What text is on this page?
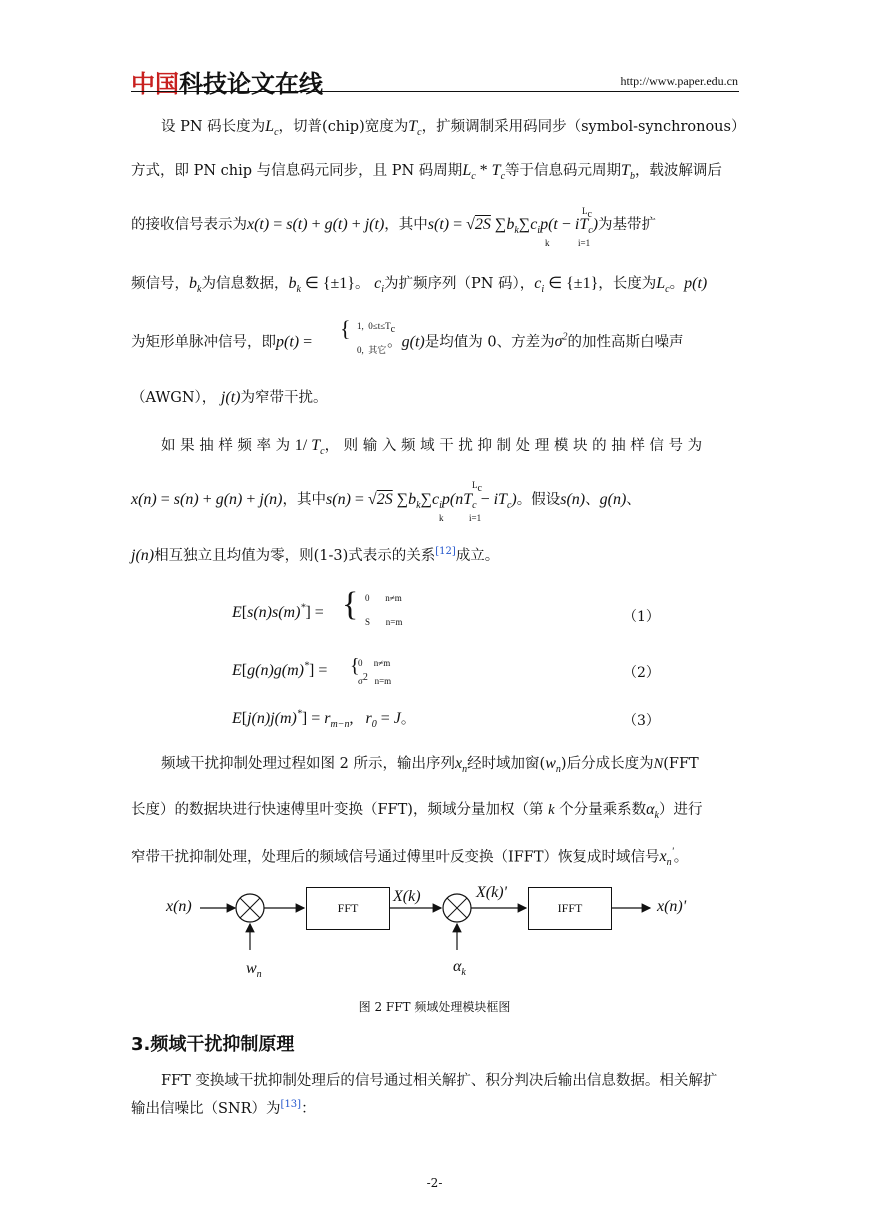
中国科技论文在线	http://www.paper.edu.cn
设 PN 码长度为$L_c$，切普(chip)宽度为$T_c$，扩频调制采用码同步（symbol-synchronous）
方式，即 PN chip 与信息码元同步，且 PN 码周期$L_c * T_c$等于信息码元周期$T_b$，载波解调后
的接收信号表示为x(t) = s(t) + g(t) + j(t)，其中s(t) = √2S $\sum b_k\sum c_ip(t - iT_c)$为基带扩
$L_c$
k	i=1
频信号，$b_k$为信息数据，$b_k$ ∈ {±1}。 $c_i$为扩频序列（PN 码），$c_i$ ∈ {±1}，长度为$L_c$。p(t)
为矩形单脉冲信号，即p(t) =	。g(t)是均值为 0、方差为$\sigma^2$的加性高斯白噪声
{ 1,  $0\le t\le T_c$
0,  其它
（AWGN）， j(t)为窄带干扰。
如 果 抽 样 频 率 为 1/ $T_c$， 则 输 入 频 域 干 扰 抑 制 处 理 模 块 的 抽 样 信 号 为
x(n) = s(n) + g(n) + j(n)，其中s(n) = √2S $\sum b_k\sum c_ip(nT_c - iT_c)$。假设s(n)、g(n)、
$L_c$
k	i=1
j(n)相互独立且均值为零，则(1-3)式表示的关系[12]成立。
E[s(n)s(m)*] = { 0       n≠m
S       n=m	（1）
E[g(n)g(m)*] = {
0     n≠m
$\sigma^2$   n=m	（2）
$E[j(n)j(m)^*] = r_{m-n}$,   $r_0 = J$。	（3）
频域干扰抑制处理过程如图 2 所示，输出序列$x_n$经时域加窗$(w_n)$后分成长度为N(FFT
长度）的数据块进行快速傅里叶变换（FFT)，频域分量加权（第 k 个分量乘系数$\alpha_k$）进行
窄带干扰抑制处理，处理后的频域信号通过傅里叶反变换（IFFT）恢复成时域信号$x_n'$。
x(n)	FFT
X(k)	X(k)'
IFFT	x(n)'
$w_n$	$\alpha_k$
图 2 FFT 频域处理模块框图
3.频域干扰抑制原理
FFT 变换域干扰抑制处理后的信号通过相关解扩、积分判决后输出信息数据。相关解扩
输出信噪比（SNR）为[13]：
-2-
